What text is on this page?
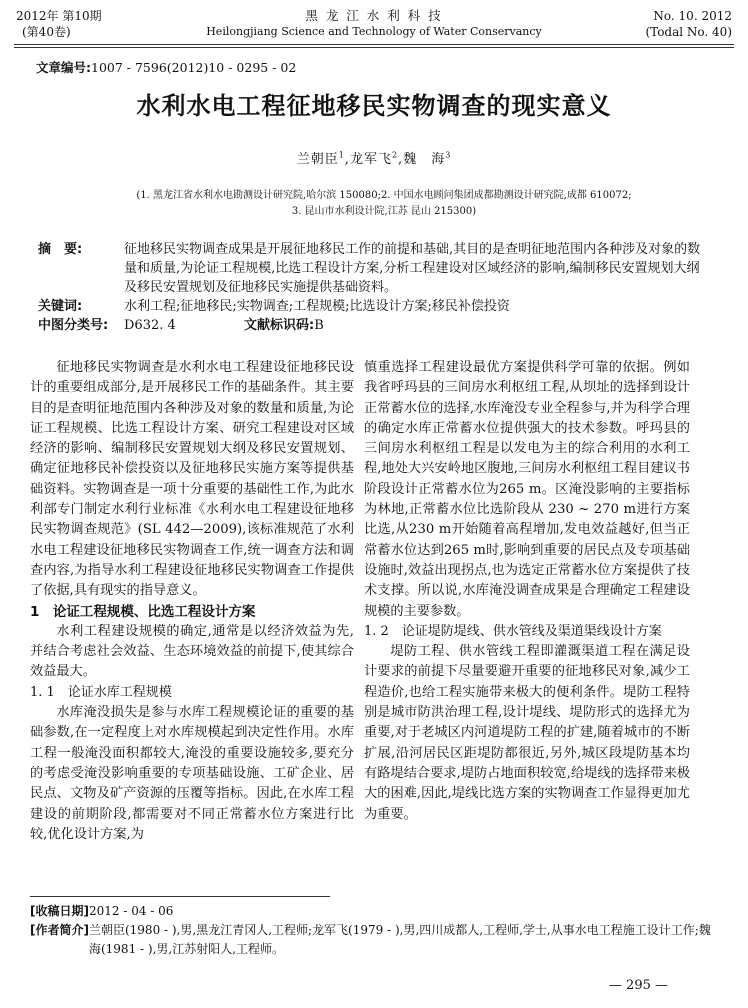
2012年 第10期
(第40卷)
黑 龙 江 水 利 科 技
Heilongjiang Science and Technology of Water Conservancy
No. 10. 2012
(Todal No. 40)
文章编号:1007 - 7596(2012)10 - 0295 - 02
水利水电工程征地移民实物调查的现实意义
兰朝臣$^1$,龙军飞$^2$,魏　海$^3$
(1. 黑龙江省水利水电勘测设计研究院,哈尔滨 150080;2. 中国水电顾问集团成都勘测设计研究院,成都 610072;
3. 昆山市水利设计院,江苏 昆山 215300)
摘　要:	征地移民实物调查成果是开展征地移民工作的前提和基础,其目的是查明征地范围内各种涉及对象的数量和质量,为论证工程规模,比选工程设计方案,分析工程建设对区域经济的影响,编制移民安置规划大纲及移民安置规划及征地移民实施提供基础资料。
关键词:	水利工程;征地移民;实物调查;工程规模;比选设计方案;移民补偿投资
中图分类号:	D632. 4	文献标识码: B

征地移民实物调查是水利水电工程建设征地移民设计的重要组成部分,是开展移民工作的基础条件。其主要目的是查明征地范围内各种涉及对象的数量和质量,为论证工程规模、比选工程设计方案、研究工程建设对区域经济的影响、编制移民安置规划大纲及移民安置规划、确定征地移民补偿投资以及征地移民实施方案等提供基础资料。实物调查是一项十分重要的基础性工作,为此水利部专门制定水利行业标准《水利水电工程建设征地移民实物调查规范》(SL 442—2009),该标准规范了水利水电工程建设征地移民实物调查工作,统一调查方法和调查内容,为指导水利工程建设征地移民实物调查工作提供了依据,具有现实的指导意义。

1　论证工程规模、比选工程设计方案

水利工程建设规模的确定,通常是以经济效益为先,并结合考虑社会效益、生态环境效益的前提下,使其综合效益最大。

1. 1　论证水库工程规模

水库淹没损失是参与水库工程规模论证的重要的基础参数,在一定程度上对水库规模起到决定性作用。水库工程一般淹没面积都较大,淹没的重要设施较多,要充分的考虑受淹没影响重要的专项基础设施、工矿企业、居民点、文物及矿产资源的压覆等指标。因此,在水库工程建设的前期阶段,都需要对不同正常蓄水位方案进行比较,优化设计方案,为

慎重选择工程建设最优方案提供科学可靠的依据。例如我省呼玛县的三间房水利枢纽工程,从坝址的选择到设计正常蓄水位的选择,水库淹没专业全程参与,并为科学合理的确定水库正常蓄水位提供强大的技术参数。呼玛县的三间房水利枢纽工程是以发电为主的综合利用的水利工程,地处大兴安岭地区腹地,三间房水利枢纽工程目建议书阶段设计正常蓄水位为265 m。区淹没影响的主要指标为林地,正常蓄水位比选阶段从 230 ~ 270 m进行方案比选,从230 m开始随着高程增加,发电效益越好,但当正常蓄水位达到265 m时,影响到重要的居民点及专项基础设施时,效益出现拐点,也为选定正常蓄水位方案提供了技术支撑。所以说,水库淹没调查成果是合理确定工程建设规模的主要参数。

1. 2　论证堤防堤线、供水管线及渠道渠线设计方案

堤防工程、供水管线工程即灌溉渠道工程在满足设计要求的前提下尽量要避开重要的征地移民对象,减少工程造价,也给工程实施带来极大的便利条件。堤防工程特别是城市防洪治理工程,设计堤线、堤防形式的选择尤为重要,对于老城区内河道堤防工程的扩建,随着城市的不断扩展,沿河居民区距堤防都很近,另外,城区段堤防基本均有路堤结合要求,堤防占地面积较宽,给堤线的选择带来极大的困难,因此,堤线比选方案的实物调查工作显得更加尤为重要。

[收稿日期]2012 - 04 - 06
[作者简介] 兰朝臣(1980 - ),男,黑龙江青冈人,工程师;龙军飞(1979 - ),男,四川成都人,工程师,学士,从事水电工程施工设计工作;魏海(1981 - ),男,江苏射阳人,工程师。
— 295 —
